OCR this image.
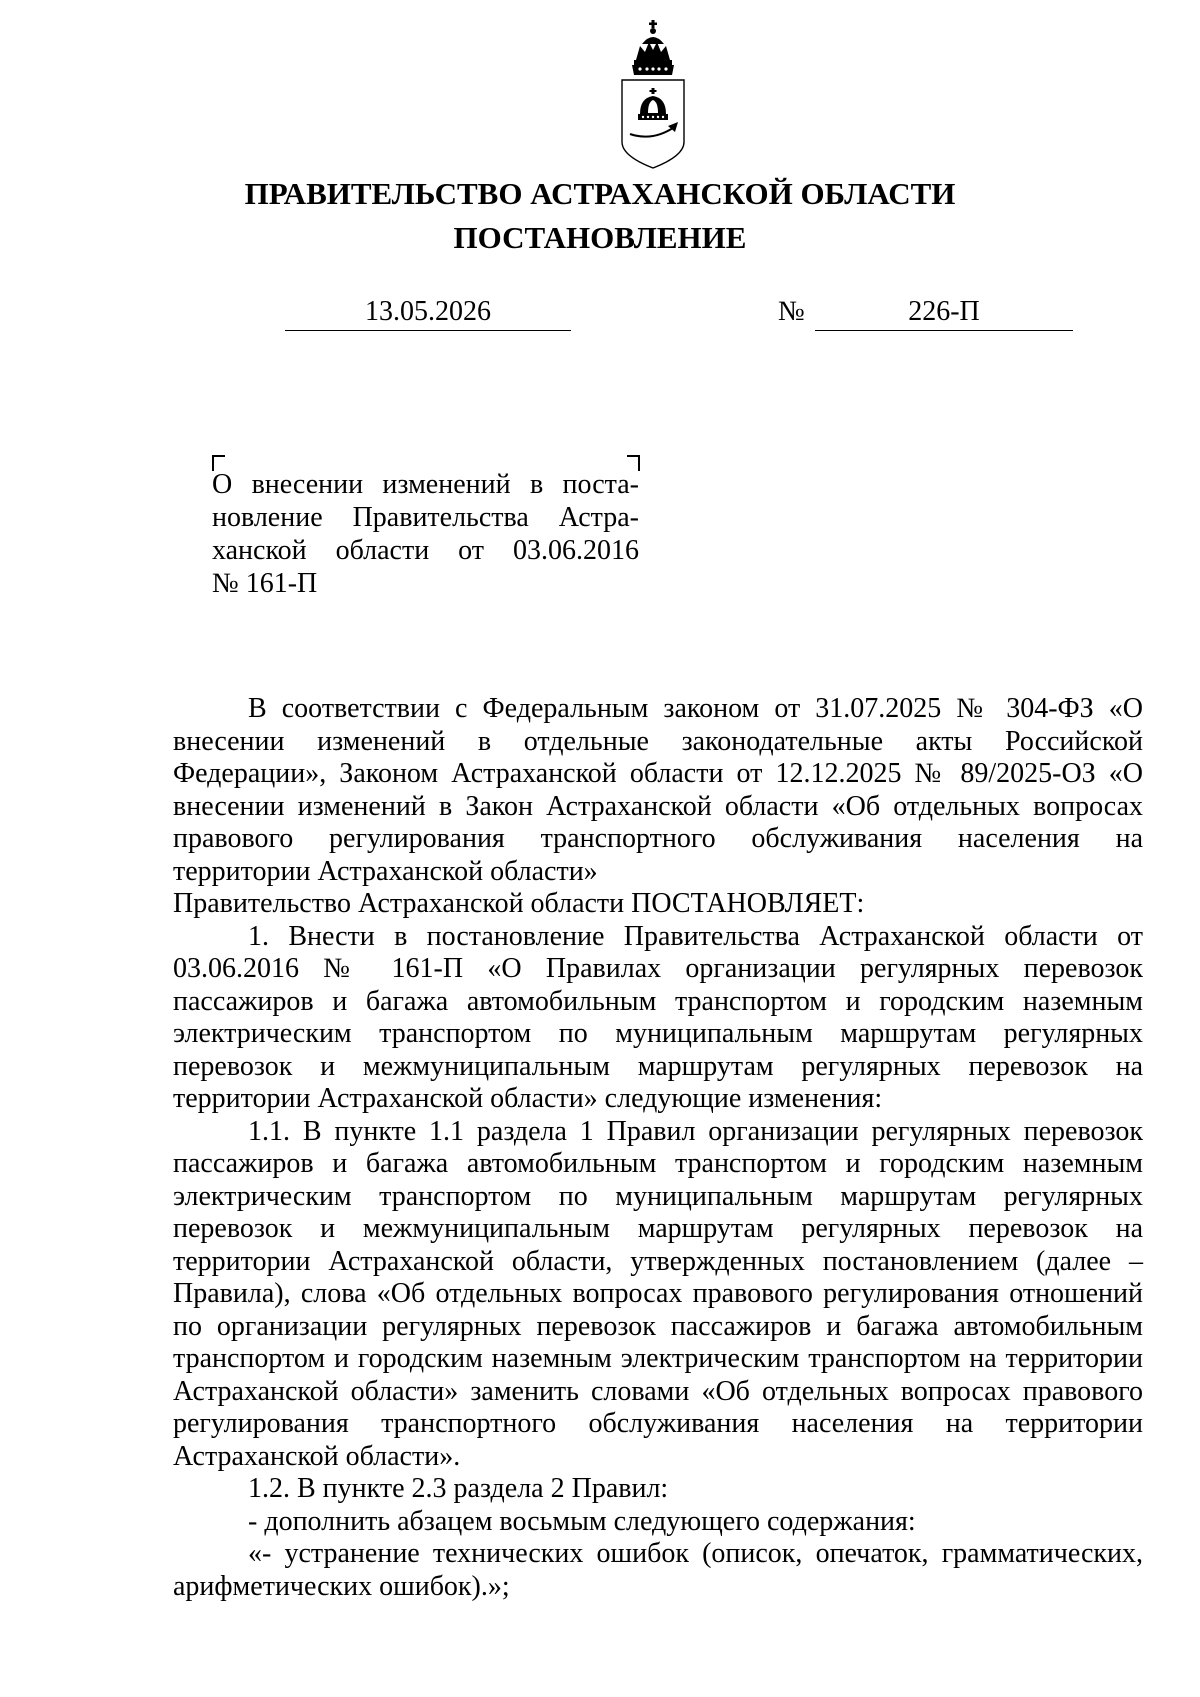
ПРАВИТЕЛЬСТВО АСТРАХАНСКОЙ ОБЛАСТИ
ПОСТАНОВЛЕНИЕ
13.05.2026	№	226-П
О внесении изменений в поста-
новление Правительства Астра-
ханской области от 03.06.2016
№ 161-П

В соответствии с Федеральным законом от 31.07.2025 № 304-ФЗ «О внесении изменений в отдельные законодательные акты Российской Федерации», Законом Астраханской области от 12.12.2025 № 89/2025-ОЗ «О внесении изменений в Закон Астраханской области «Об отдельных вопросах правового регулирования транспортного обслуживания населения на территории Астраханской области»

Правительство Астраханской области ПОСТАНОВЛЯЕТ:

1. Внести в постановление Правительства Астраханской области от 03.06.2016 № 161-П «О Правилах организации регулярных перевозок пассажиров и багажа автомобильным транспортом и городским наземным электрическим транспортом по муниципальным маршрутам регулярных перевозок и межмуниципальным маршрутам регулярных перевозок на территории Астраханской области» следующие изменения:

1.1. В пункте 1.1 раздела 1 Правил организации регулярных перевозок пассажиров и багажа автомобильным транспортом и городским наземным электрическим транспортом по муниципальным маршрутам регулярных перевозок и межмуниципальным маршрутам регулярных перевозок на территории Астраханской области, утвержденных постановлением (далее – Правила), слова «Об отдельных вопросах правового регулирования отношений по организации регулярных перевозок пассажиров и багажа автомобильным транспортом и городским наземным электрическим транспортом на территории Астраханской области» заменить словами «Об отдельных вопросах правового регулирования транспортного обслуживания населения на территории Астраханской области».

1.2. В пункте 2.3 раздела 2 Правил:

- дополнить абзацем восьмым следующего содержания:

«- устранение технических ошибок (описок, опечаток, грамматических, арифметических ошибок).»;
